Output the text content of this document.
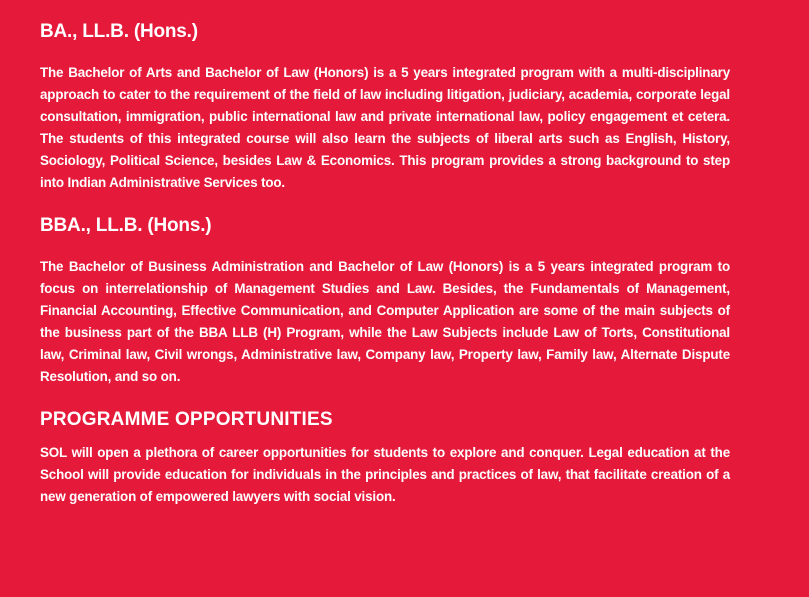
BA., LL.B. (Hons.)

The Bachelor of Arts and Bachelor of Law (Honors) is a 5 years integrated program with a multi-disciplinary approach to cater to the requirement of the field of law including litigation, judiciary, academia, corporate legal consultation, immigration, public international law and private international law, policy engagement et cetera. The students of this integrated course will also learn the subjects of liberal arts such as English, History, Sociology, Political Science, besides Law & Economics. This program provides a strong background to step into Indian Administrative Services too.

BBA., LL.B. (Hons.)

The Bachelor of Business Administration and Bachelor of Law (Honors) is a 5 years integrated program to focus on interrelationship of Management Studies and Law. Besides, the Fundamentals of Management, Financial Accounting, Effective Communication, and Computer Application are some of the main subjects of the business part of the BBA LLB (H) Program, while the Law Subjects include Law of Torts, Constitutional law, Criminal law, Civil wrongs, Administrative law, Company law, Property law, Family law, Alternate Dispute Resolution, and so on.

PROGRAMME OPPORTUNITIES

SOL will open a plethora of career opportunities for students to explore and conquer. Legal education at the School will provide education for individuals in the principles and practices of law, that facilitate creation of a new generation of empowered lawyers with social vision.
